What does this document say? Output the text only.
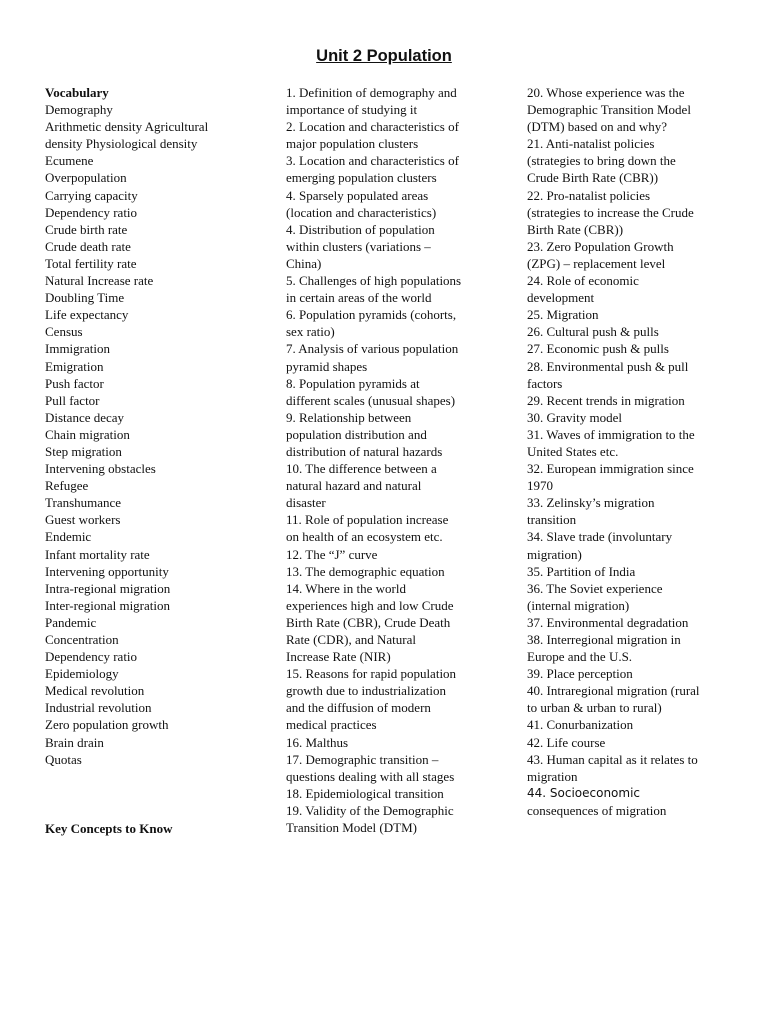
Unit 2 Population
Vocabulary
Demography
Arithmetic density Agricultural
density Physiological density
Ecumene
Overpopulation
Carrying capacity
Dependency ratio
Crude birth rate
Crude death rate
Total fertility rate
Natural Increase rate
Doubling Time
Life expectancy
Census
Immigration
Emigration
Push factor
Pull factor
Distance decay
Chain migration
Step migration
Intervening obstacles
Refugee
Transhumance
Guest workers
Endemic
Infant mortality rate
Intervening opportunity
Intra-regional migration
Inter-regional migration
Pandemic
Concentration
Dependency ratio
Epidemiology
Medical revolution
Industrial revolution
Zero population growth
Brain drain
Quotas
1. Definition of demography and
importance of studying it
2. Location and characteristics of
major population clusters
3. Location and characteristics of
emerging population clusters
4. Sparsely populated areas
(location and characteristics)
4. Distribution of population
within clusters (variations –
China)
5. Challenges of high populations
in certain areas of the world
6. Population pyramids (cohorts,
sex ratio)
7. Analysis of various population
pyramid shapes
8. Population pyramids at
different scales (unusual shapes)
9. Relationship between
population distribution and
distribution of natural hazards
10. The difference between a
natural hazard and natural
disaster
11. Role of population increase
on health of an ecosystem etc.
12. The “J” curve
13. The demographic equation
14. Where in the world
experiences high and low Crude
Birth Rate (CBR), Crude Death
Rate (CDR), and Natural
Increase Rate (NIR)
15. Reasons for rapid population
growth due to industrialization
and the diffusion of modern
medical practices
16. Malthus
17. Demographic transition –
questions dealing with all stages
18. Epidemiological transition
19. Validity of the Demographic
Transition Model (DTM)
20. Whose experience was the
Demographic Transition Model
(DTM) based on and why?
21. Anti-natalist policies
(strategies to bring down the
Crude Birth Rate (CBR))
22. Pro-natalist policies
(strategies to increase the Crude
Birth Rate (CBR))
23. Zero Population Growth
(ZPG) – replacement level
24. Role of economic
development
25. Migration
26. Cultural push & pulls
27. Economic push & pulls
28. Environmental push & pull
factors
29. Recent trends in migration
30. Gravity model
31. Waves of immigration to the
United States etc.
32. European immigration since
1970
33. Zelinsky’s migration
transition
34. Slave trade (involuntary
migration)
35. Partition of India
36. The Soviet experience
(internal migration)
37. Environmental degradation
38. Interregional migration in
Europe and the U.S.
39. Place perception
40. Intraregional migration (rural
to urban & urban to rural)
41. Conurbanization
42. Life course
43. Human capital as it relates to
migration
44. Socioeconomic
consequences of migration

Key Concepts to Know
